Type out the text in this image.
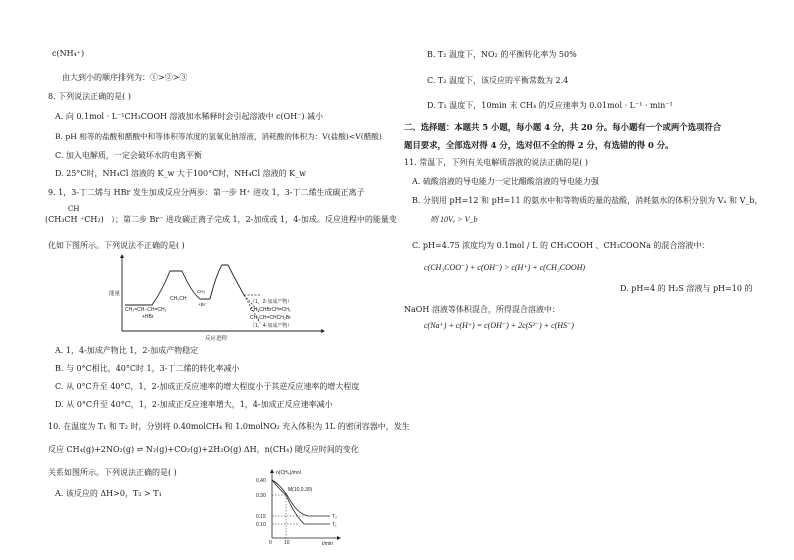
c(NH₄⁺)
由大到小的顺序排列为：①>②>③
8. 下列说法正确的是( )
A. 向 0.1mol · L⁻¹CH₃COOH 溶液加水稀释时会引起溶液中 c(OH⁻) 减小
B. pH 相等的盐酸和醋酸中和等体积等浓度的氢氧化钠溶液，消耗酸的体积为：V(盐酸)<V(醋酸)
C. 加入电解质，一定会破坏水的电离平衡
D. 25°C时，NH₄Cl 溶液的 K_w 大于100°C时，NH₄Cl 溶液的 K_w
9. 1，3-丁二烯与 HBr 发生加成反应分两步：第一步 H⁺ 进攻 1，3-丁二烯生成碳正离子
CH
(CH₃CH ⁺CH₂) ）；第二步 Br⁻ 进攻碳正离子完成 1，2-加成或 1，4-加成。反应进程中的能量变
化如下图所示。下列说法不正确的是( )
能量
CH₂=CH−CH=CH₂
+HBr
CH₃CH
CH₂
+Br⁻	（1，2-加成产物）
CH₃CHBrCH=CH₂
CH₃CH=CHCH₂Br
（1，4-加成产物）
反应进程
A. 1，4-加成产物比 1，2-加成产物稳定
B. 与 0°C相比，40°C时 1，3-丁二烯的转化率减小
C. 从 0°C升至 40°C，1，2-加成正反应速率的增大程度小于其逆反应速率的增大程度
D. 从 0°C升至 40°C，1，2-加成正反应速率增大，1，4-加成正反应速率减小
10. 在温度为 T₁ 和 T₂ 时，分别将 0.40molCH₄ 和 1.0molNO₂ 充入体积为 1L 的密闭容器中，发生
反应 CH₄(g)+2NO₂(g) ⇌ N₂(g)+CO₂(g)+2H₂O(g) ΔH，n(CH₄) 随反应时间的变化
关系如图所示。下列说法正确的是( )
A. 该反应的 ΔH>0，T₂ > T₁
n(CH₄)/mol
t/min
0.40
0.30
0.15
0.10
0 10
M(10,0.30)
T₂
T₁
B. T₂ 温度下，NO₂ 的平衡转化率为 50%
C. T₂ 温度下，该反应的平衡常数为 2.4
D. T₁ 温度下，10min 末 CH₄ 的反应速率为 0.01mol · L⁻¹ · min⁻¹
二、选择题：本题共 5 小题，每小题 4 分，共 20 分。每小题有一个或两个选项符合
题目要求，全部选对得 4 分，选对但不全的得 2 分，有选错的得 0 分。
11. 常温下，下列有关电解质溶液的说法正确的是( )
A. 硫酸溶液的导电能力一定比醋酸溶液的导电能力强
B. 分别用 pH=12 和 pH=11 的氨水中和等物质的量的盐酸，消耗氨水的体积分别为 Vₐ 和 V_b，
则 10Vₐ > V_b
C. pH=4.75 浓度均为 0.1mol / L 的 CH₃COOH 、CH₃COONa 的混合溶液中：
c(CH₃COO⁻) + c(OH⁻) > c(H⁺) + c(CH₃COOH)
D. pH=4 的 H₂S 溶液与 pH=10 的
NaOH 溶液等体积混合，所得混合溶液中：
c(Na⁺) + c(H⁺) = c(OH⁻) + 2c(S²⁻) + c(HS⁻)
